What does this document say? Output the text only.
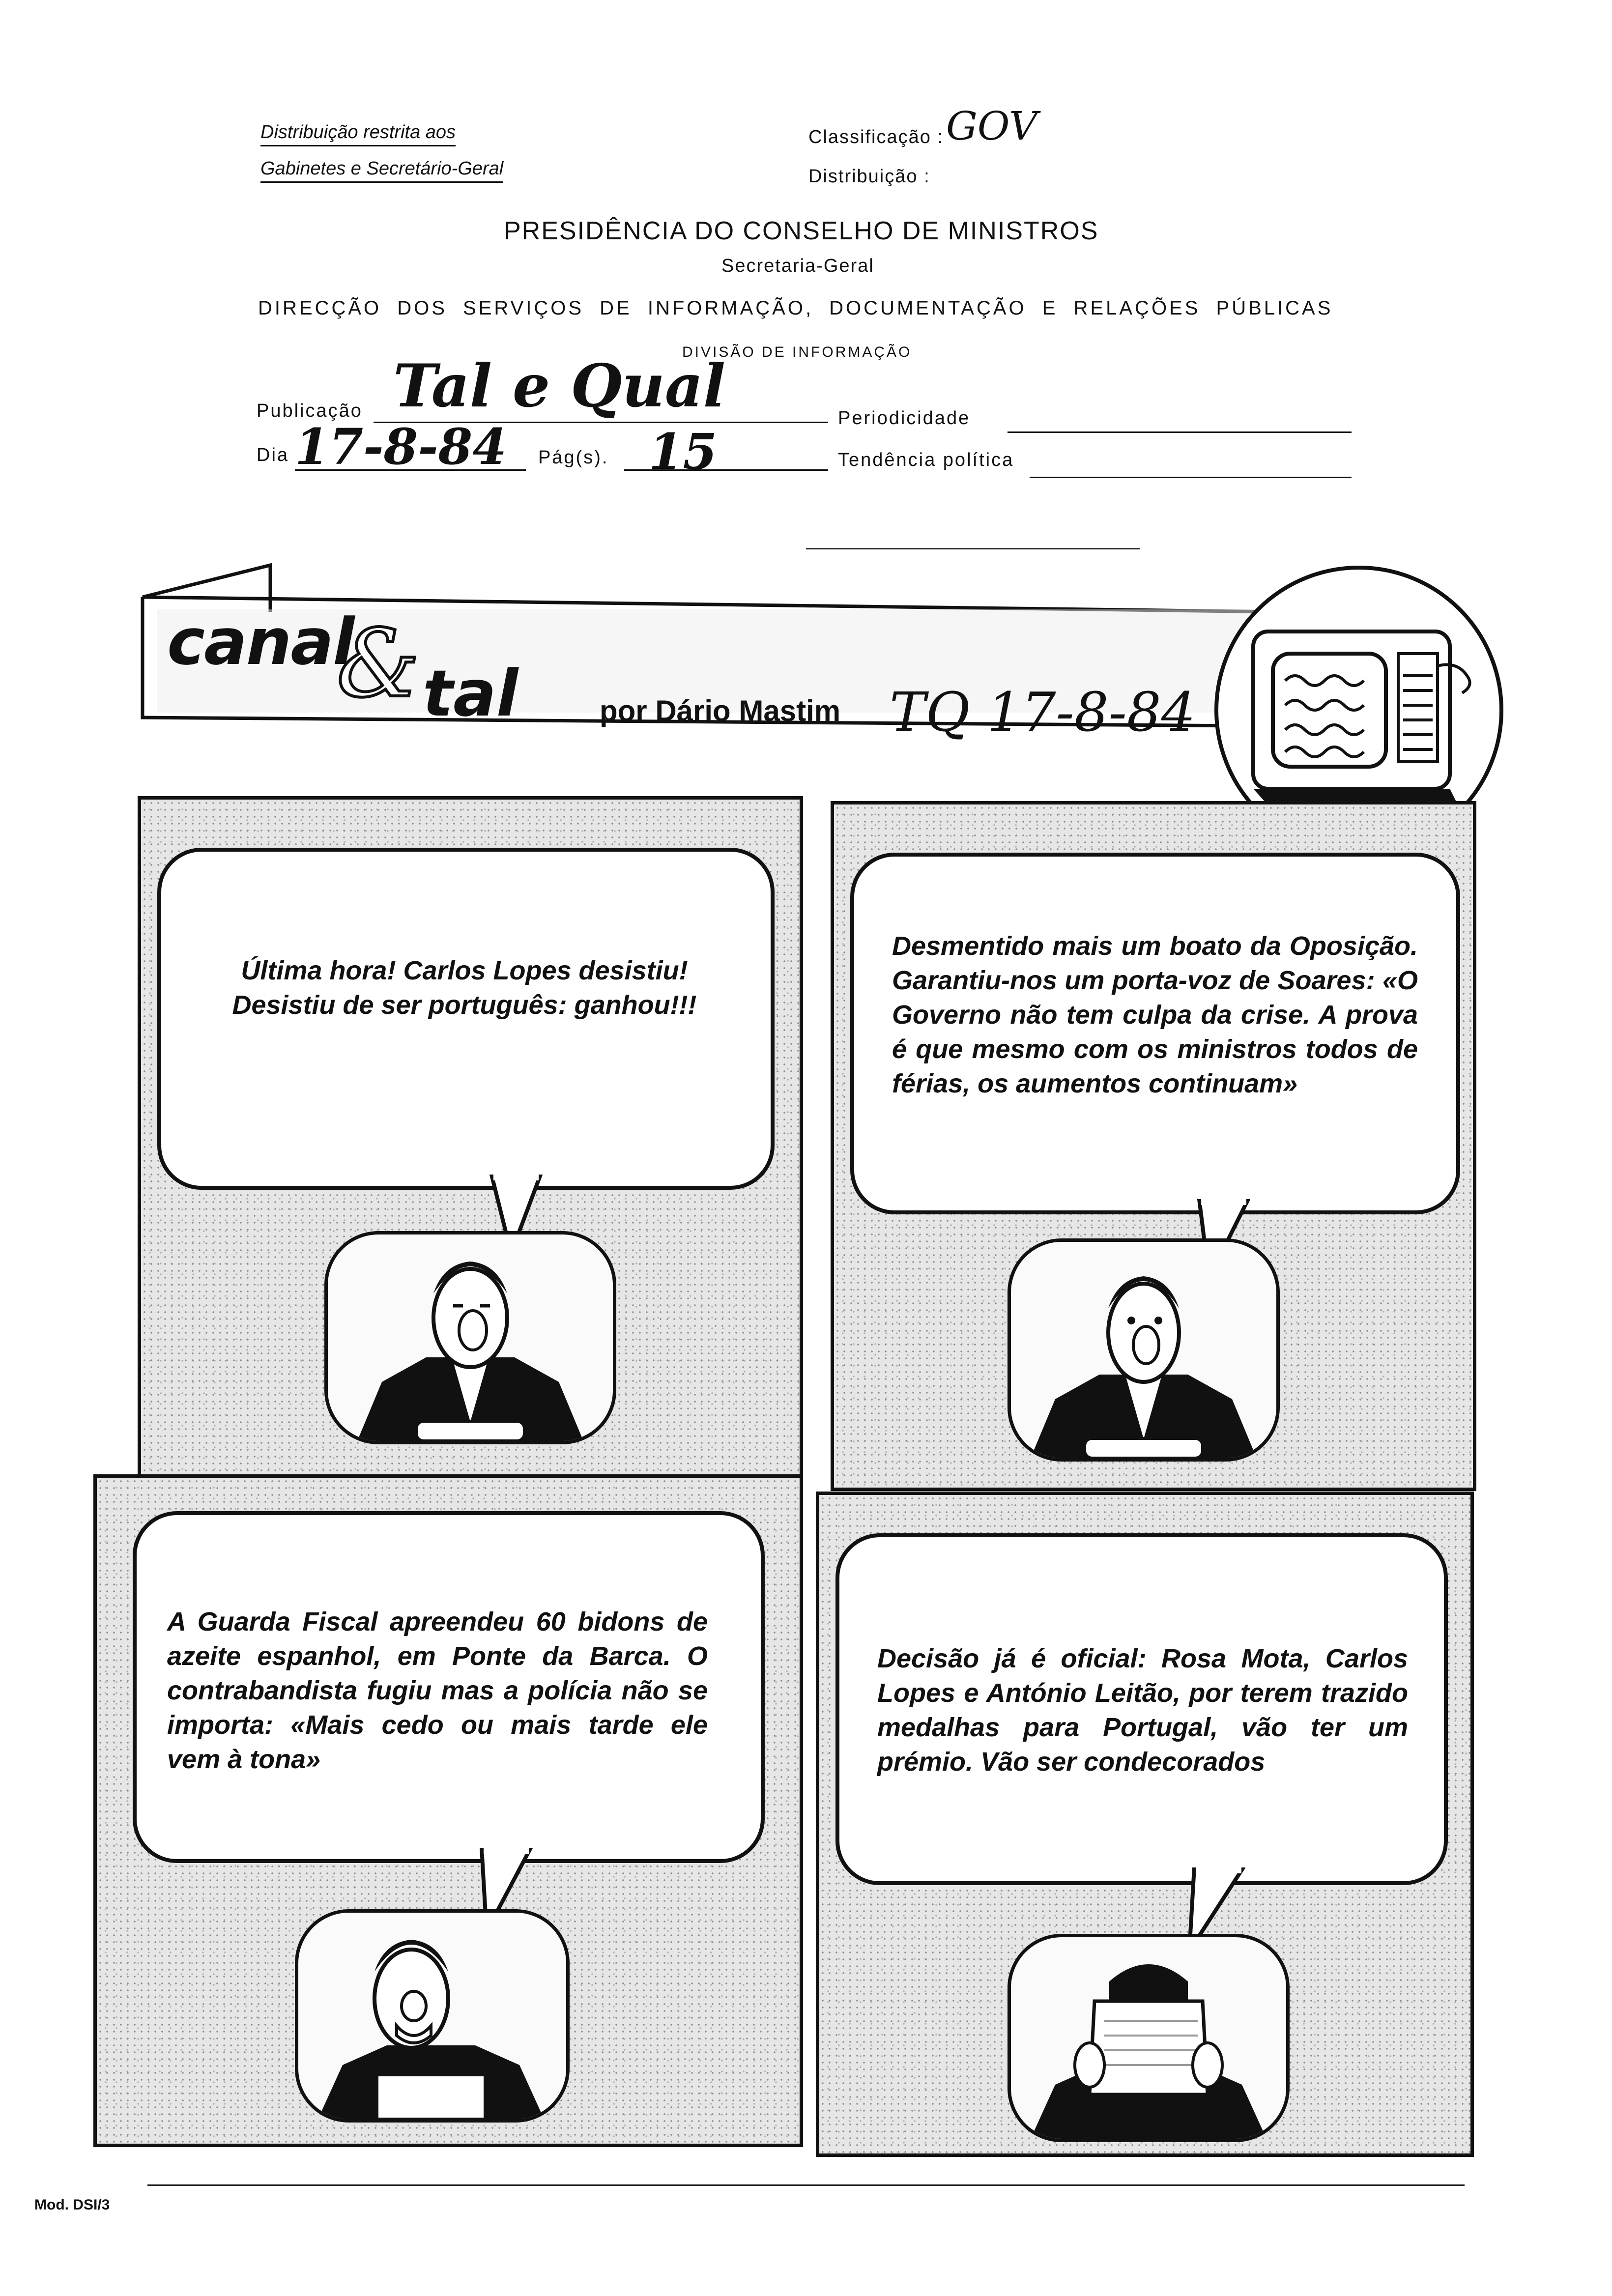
Distribuição restrita aos
Gabinetes e Secretário-Geral
Classificação : GOV
Distribuição :
PRESIDÊNCIA DO CONSELHO DE MINISTROS
Secretaria-Geral
DIRECÇÃO DOS SERVIÇOS DE INFORMAÇÃO, DOCUMENTAÇÃO E RELAÇÕES PÚBLICAS
DIVISÃO DE INFORMAÇÃO
Publicação Tal e Qual	Periodicidade
Dia 17-8-84 Pág(s). 15	Tendência política
canal
& tal	por Dário Mastim TQ 17-8-84
Última hora! Carlos Lopes desistiu! Desistiu de ser português: ganhou!!!
Desmentido mais um boato da Oposição. Garantiu-nos um porta-voz de Soares: «O Governo não tem culpa da crise. A prova é que mesmo com os ministros todos de férias, os aumentos continuam»
A Guarda Fiscal apreendeu 60 bidons de azeite espanhol, em Ponte da Barca. O contrabandista fugiu mas a polícia não se importa: «Mais cedo ou mais tarde ele vem à tona»
Decisão já é oficial: Rosa Mota, Carlos Lopes e António Leitão, por terem trazido medalhas para Portugal, vão ter um prémio. Vão ser condecorados
Mod. DSI/3
